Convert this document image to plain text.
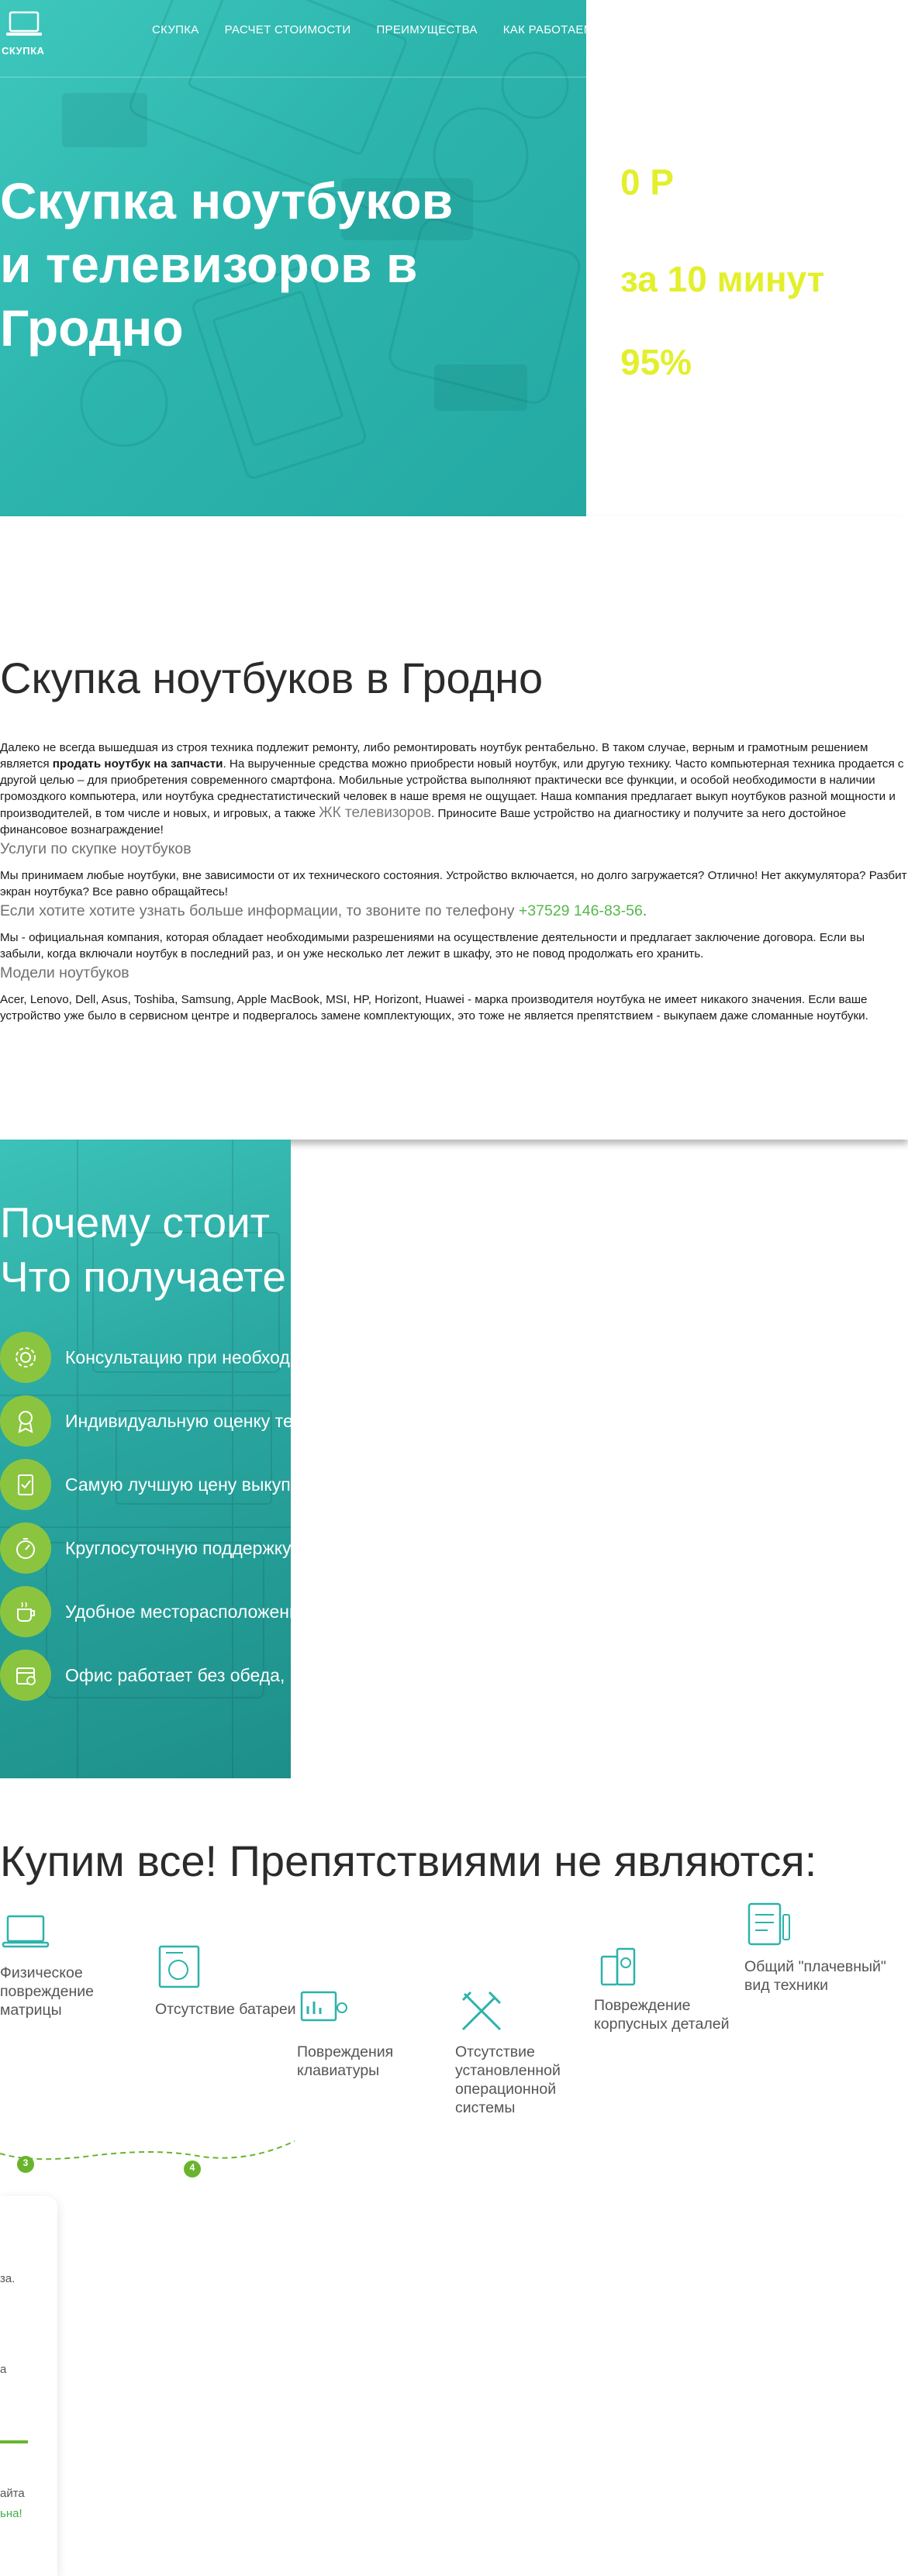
СКУПКА
СКУПКА	РАСЧЕТ СТОИМОСТИ	ПРЕИМУЩЕСТВА	КАК РАБОТАЕМ
Скупка ноутбуков
и телевизоров в
Гродно
0 Р
за 10 минут
95%
Скупка ноутбуков в Гродно

Далеко не всегда вышедшая из строя техника подлежит ремонту, либо ремонтировать ноутбук рентабельно. В таком случае, верным и грамотным решением является продать ноутбук на запчасти. На вырученные средства можно приобрести новый ноутбук, или другую технику. Часто компьютерная техника продается с другой целью – для приобретения современного смартфона. Мобильные устройства выполняют практически все функции, и особой необходимости в наличии громоздкого компьютера, или ноутбука среднестатистический человек в наше время не ощущает. Наша компания предлагает выкуп ноутбуков разной мощности и производителей, в том числе и новых, и игровых, а также ЖК телевизоров. Приносите Ваше устройство на диагностику и получите за него достойное финансовое вознаграждение!

Услуги по скупке ноутбуков

Мы принимаем любые ноутбуки, вне зависимости от их технического состояния. Устройство включается, но долго загружается? Отлично! Нет аккумулятора? Разбит экран ноутбука? Все равно обращайтесь!

Если хотите хотите узнать больше информации, то звоните по телефону +37529 146-83-56.

Мы - официальная компания, которая обладает необходимыми разрешениями на осуществление деятельности и предлагает заключение договора. Если вы забыли, когда включали ноутбук в последний раз, и он уже несколько лет лежит в шкафу, это не повод продолжать его хранить.

Модели ноутбуков

Acer, Lenovo, Dell, Asus, Toshiba, Samsung, Apple MacBook, MSI, HP, Horizont, Huawei - марка производителя ноутбука не имеет никакого значения. Если ваше устройство уже было в сервисном центре и подвергалось замене комплектующих, это тоже не является препятствием - выкупаем даже сломанные ноутбуки.

Почему стоит
Что получаете
Консультацию при необходимости
Индивидуальную оценку техники
Самую лучшую цену выкупа
Круглосуточную поддержку
Удобное месторасположение
Офис работает без обеда,
Купим все! Препятствиями не являются:
Физическое
повреждение
матрицы	Отсутствие батареи
Повреждения
клавиатуры
Отсутствие
установленной
операционной
системы
Повреждение
корпусных деталей
Общий "плачевный"
вид техники
3	4
за.
а
айта
ьна!
